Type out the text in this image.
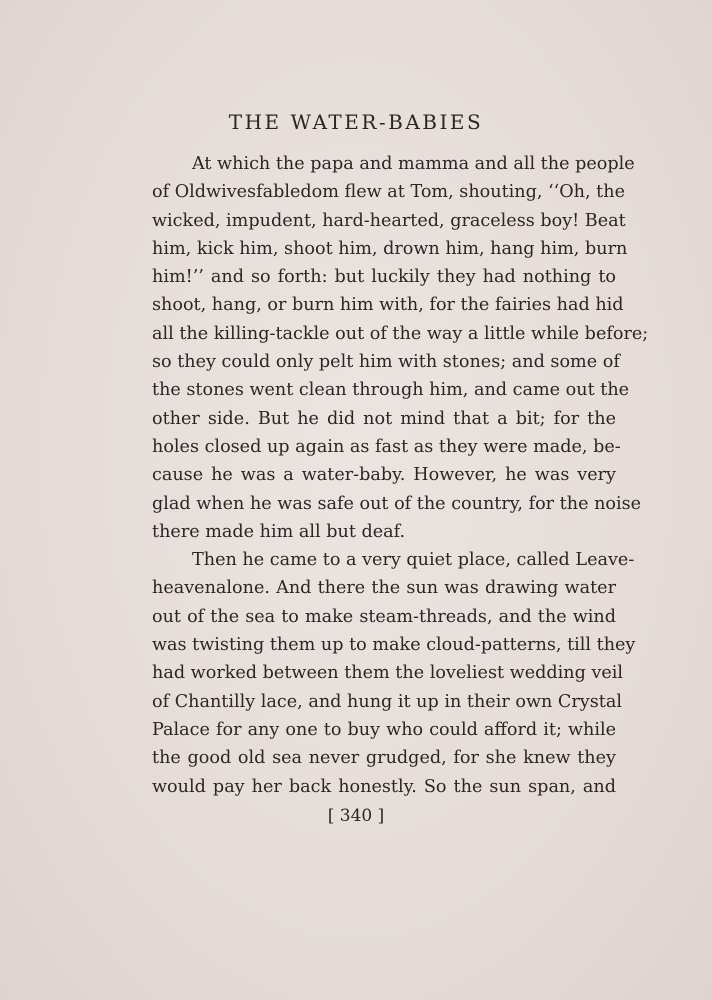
THE WATER-BABIES
At which the papa and mamma and all the people
of Oldwivesfabledom flew at Tom, shouting, ‘‘Oh, the
wicked, impudent, hard-hearted, graceless boy! Beat
him, kick him, shoot him, drown him, hang him, burn
him!’’ and so forth: but luckily they had nothing to
shoot, hang, or burn him with, for the fairies had hid
all the killing-tackle out of the way a little while before;
so they could only pelt him with stones; and some of
the stones went clean through him, and came out the
other side. But he did not mind that a bit; for the
holes closed up again as fast as they were made, be-
cause he was a water-baby. However, he was very
glad when he was safe out of the country, for the noise
there made him all but deaf.
Then he came to a very quiet place, called Leave-
heavenalone. And there the sun was drawing water
out of the sea to make steam-threads, and the wind
was twisting them up to make cloud-patterns, till they
had worked between them the loveliest wedding veil
of Chantilly lace, and hung it up in their own Crystal
Palace for any one to buy who could afford it; while
the good old sea never grudged, for she knew they
would pay her back honestly. So the sun span, and
[ 340 ]
